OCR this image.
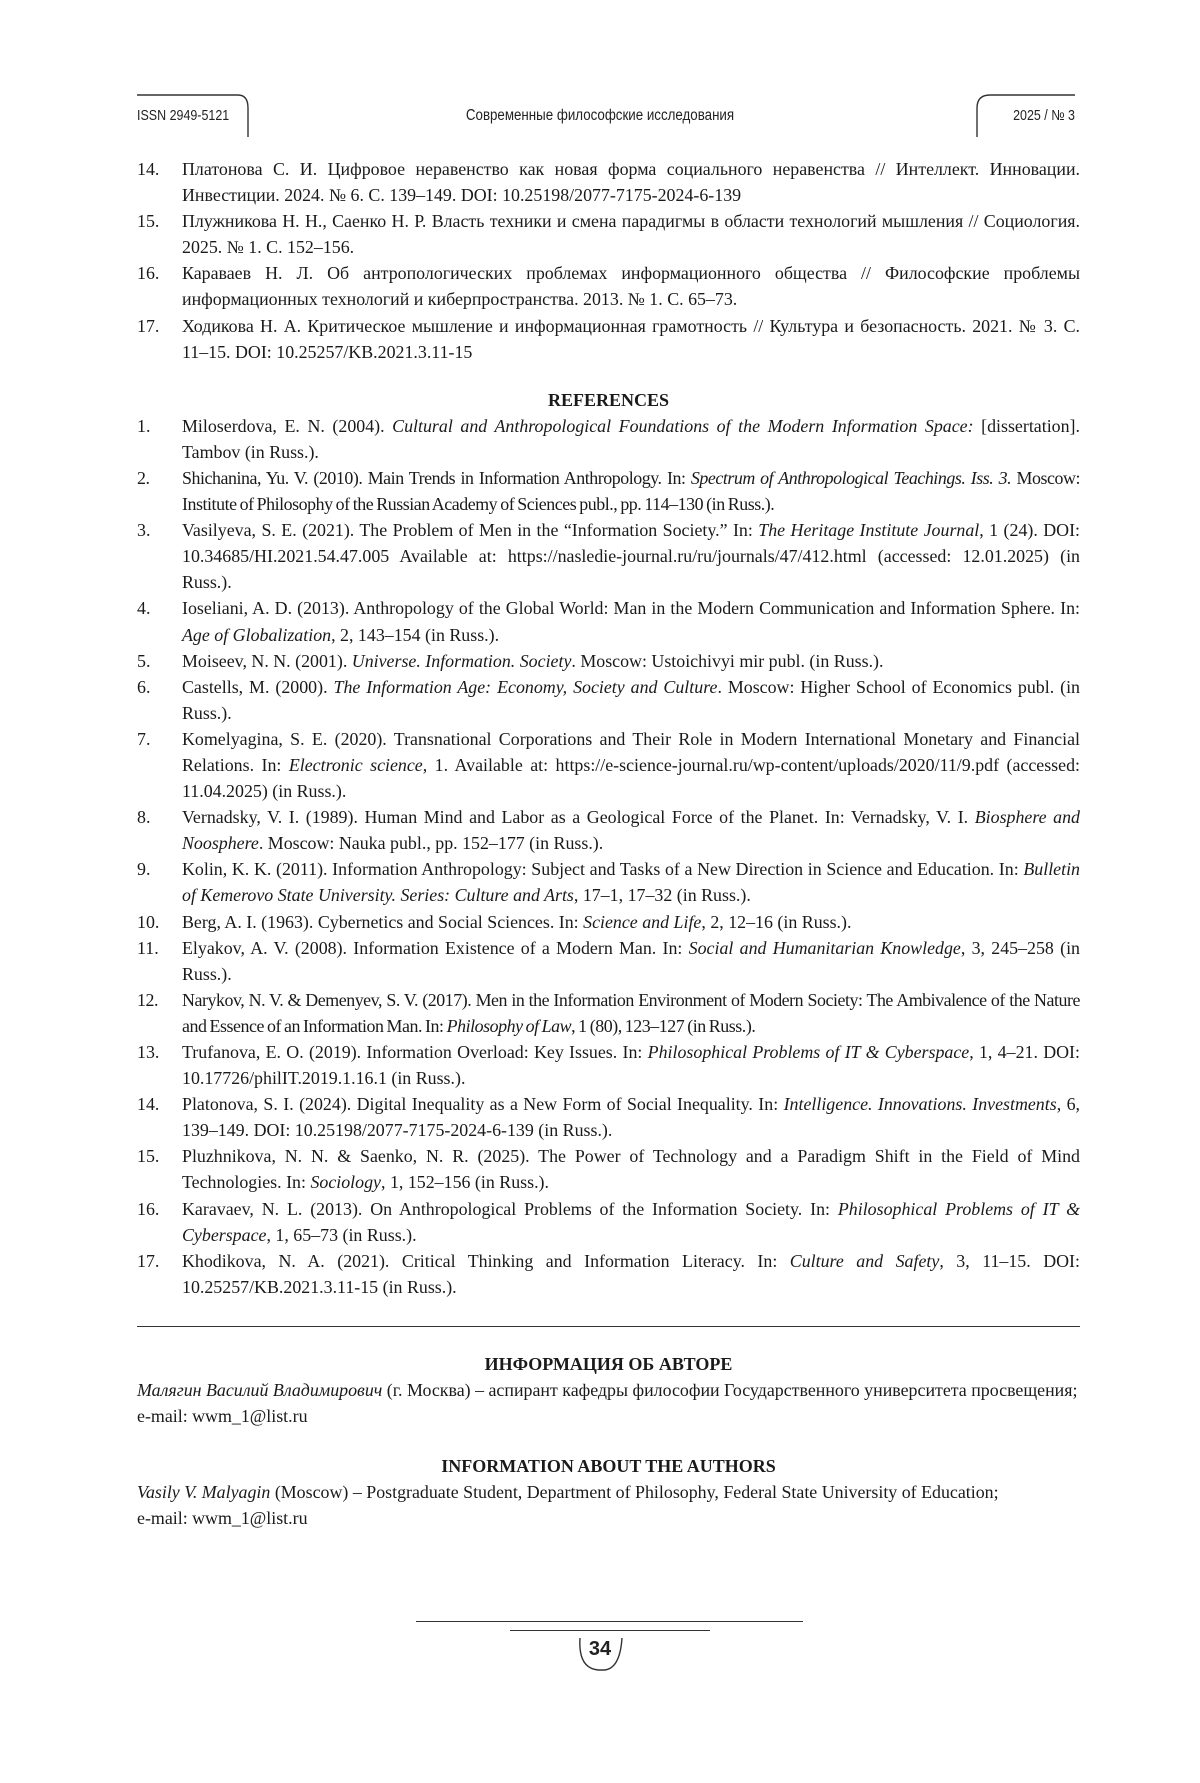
ISSN 2949-5121	Современные философские исследования	2025 / № 3
14.	Платонова С. И. Цифровое неравенство как новая форма социального неравенства // Интеллект. Инновации. Инвестиции. 2024. № 6. С. 139–149. DOI: 10.25198/2077-7175-2024-6-139
15.	Плужникова Н. Н., Саенко Н. Р. Власть техники и смена парадигмы в области технологий мышления // Социология. 2025. № 1. С. 152–156.
16.	Караваев Н. Л. Об антропологических проблемах информационного общества // Философские проблемы информационных технологий и киберпространства. 2013. № 1. С. 65–73.
17.	Ходикова Н. А. Критическое мышление и информационная грамотность // Культура и безопасность. 2021. № 3. С. 11–15. DOI: 10.25257/KB.2021.3.11-15
REFERENCES
1.	Miloserdova, E. N. (2004). Cultural and Anthropological Foundations of the Modern Information Space: [dissertation]. Tambov (in Russ.).
2.	Shichanina, Yu. V. (2010). Main Trends in Information Anthropology. In: Spectrum of Anthropological Teachings. Iss. 3. Moscow: Institute of Philosophy of the Russian Academy of Sciences publ., pp. 114–130 (in Russ.).
3.	Vasilyeva, S. E. (2021). The Problem of Men in the “Information Society.” In: The Heritage Institute Journal, 1 (24). DOI: 10.34685/HI.2021.54.47.005 Available at: https://nasledie-journal.ru/ru/journals/47/412.html (accessed: 12.01.2025) (in Russ.).
4.	Ioseliani, A. D. (2013). Anthropology of the Global World: Man in the Modern Communication and Information Sphere. In: Age of Globalization, 2, 143–154 (in Russ.).
5.	Moiseev, N. N. (2001). Universe. Information. Society. Moscow: Ustoichivyi mir publ. (in Russ.).
6.	Castells, M. (2000). The Information Age: Economy, Society and Culture. Moscow: Higher School of Economics publ. (in Russ.).
7.	Komelyagina, S. E. (2020). Transnational Corporations and Their Role in Modern International Monetary and Financial Relations. In: Electronic science, 1. Available at: https://e-science-journal.ru/wp-content/uploads/2020/11/9.pdf (accessed: 11.04.2025) (in Russ.).
8.	Vernadsky, V. I. (1989). Human Mind and Labor as a Geological Force of the Planet. In: Vernadsky, V. I. Biosphere and Noosphere. Moscow: Nauka publ., pp. 152–177 (in Russ.).
9.	Kolin, K. K. (2011). Information Anthropology: Subject and Tasks of a New Direction in Science and Education. In: Bulletin of Kemerovo State University. Series: Culture and Arts, 17–1, 17–32 (in Russ.).
10.	Berg, A. I. (1963). Cybernetics and Social Sciences. In: Science and Life, 2, 12–16 (in Russ.).
11.	Elyakov, A. V. (2008). Information Existence of a Modern Man. In: Social and Humanitarian Knowledge, 3, 245–258 (in Russ.).
12.	Narykov, N. V. & Demenyev, S. V. (2017). Men in the Information Environment of Modern Society: The Ambivalence of the Nature and Essence of an Information Man. In: Philosophy of Law, 1 (80), 123–127 (in Russ.).
13.	Trufanova, E. O. (2019). Information Overload: Key Issues. In: Philosophical Problems of IT & Cyberspace, 1, 4–21. DOI: 10.17726/philIT.2019.1.16.1 (in Russ.).
14.	Platonova, S. I. (2024). Digital Inequality as a New Form of Social Inequality. In: Intelligence. Innovations. Investments, 6, 139–149. DOI: 10.25198/2077-7175-2024-6-139 (in Russ.).
15.	Pluzhnikova, N. N. & Saenko, N. R. (2025). The Power of Technology and a Paradigm Shift in the Field of Mind Technologies. In: Sociology, 1, 152–156 (in Russ.).
16.	Karavaev, N. L. (2013). On Anthropological Problems of the Information Society. In: Philosophical Problems of IT & Cyberspace, 1, 65–73 (in Russ.).
17.	Khodikova, N. A. (2021). Critical Thinking and Information Literacy. In: Culture and Safety, 3, 11–15. DOI: 10.25257/KB.2021.3.11-15 (in Russ.).
ИНФОРМАЦИЯ ОБ АВТОРЕ
Малягин Василий Владимирович (г. Москва) – аспирант кафедры философии Государственного университета просвещения;
e-mail: wwm_1@list.ru
INFORMATION ABOUT THE AUTHORS
Vasily V. Malyagin (Moscow) – Postgraduate Student, Department of Philosophy, Federal State University of Education;
e-mail: wwm_1@list.ru
34
